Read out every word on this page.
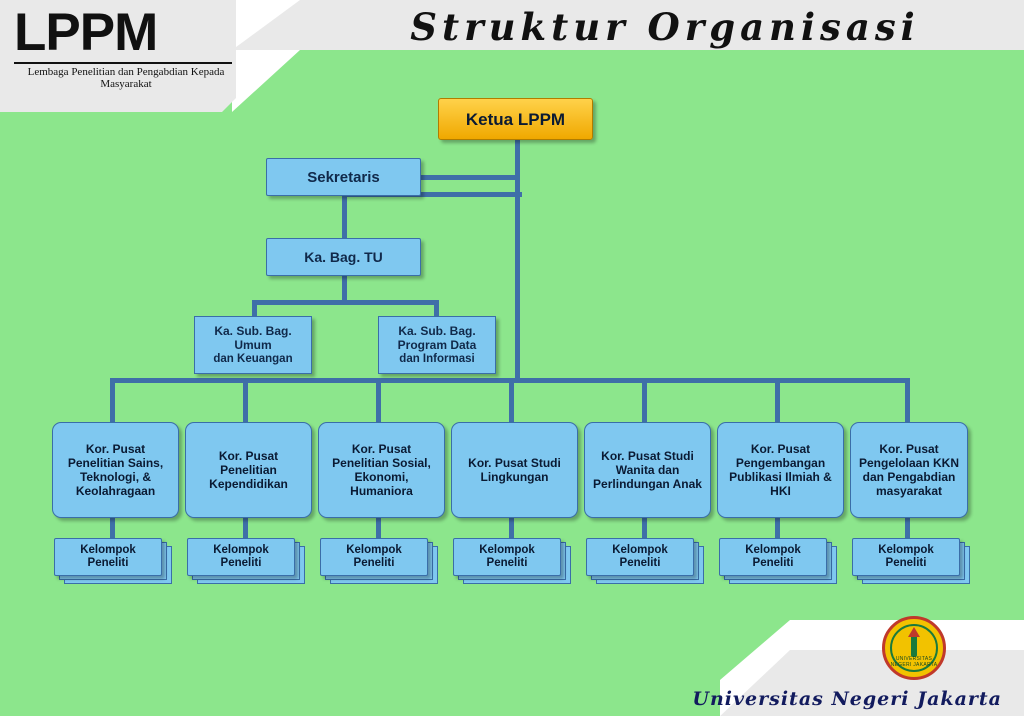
LPPM
Lembaga Penelitian dan Pengabdian Kepada Masyarakat
Struktur Organisasi
Ketua LPPM
Sekretaris
Ka. Bag. TU
Ka. Sub. Bag.
Umum
dan Keuangan
Ka. Sub. Bag.
Program Data
dan Informasi
Kor. Pusat Penelitian Sains, Teknologi, & Keolahragaan
Kor. Pusat Penelitian Kependidikan
Kor. Pusat Penelitian Sosial, Ekonomi, Humaniora
Kor. Pusat Studi Lingkungan
Kor. Pusat Studi Wanita dan Perlindungan Anak
Kor. Pusat Pengembangan Publikasi Ilmiah & HKI
Kor. Pusat Pengelolaan KKN dan Pengabdian masyarakat
Kelompok Peneliti
Kelompok Peneliti
Kelompok Peneliti
Kelompok Peneliti
Kelompok Peneliti
Kelompok Peneliti
Kelompok Peneliti
UNIVERSITAS NEGERI JAKARTA
Universitas Negeri Jakarta
